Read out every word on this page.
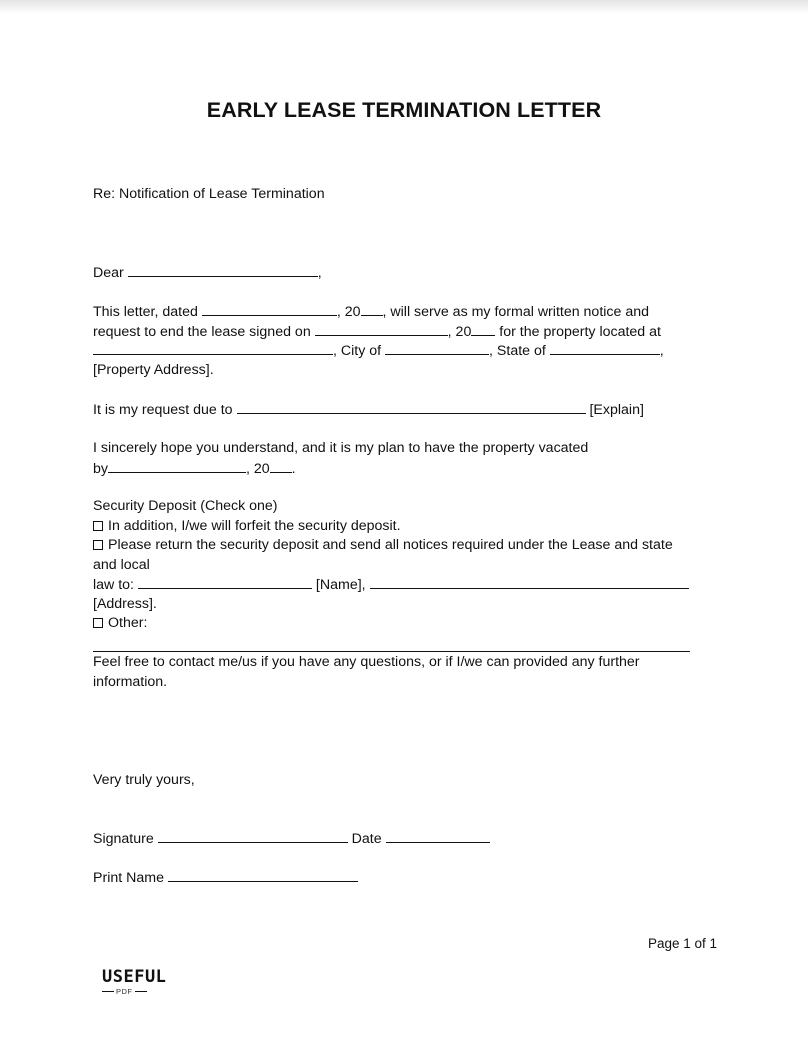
EARLY LEASE TERMINATION LETTER
Re: Notification of Lease Termination
Dear	,
This letter, dated	, 20 , will serve as my formal written notice and
request to end the lease signed on	, 20 for the property located at
, City of	, State of	,
[Property Address].
It is my request due to	[Explain]
I sincerely hope you understand, and it is my plan to have the property vacated
by	, 20 .
Security Deposit (Check one)
In addition, I/we will forfeit the security deposit.
Please return the security deposit and send all notices required under the Lease and state
and local
law to:	[Name],
[Address].
Other:
Feel free to contact me/us if you have any questions, or if I/we can provided any further
information.
Very truly yours,
Signature	Date
Print Name
Page 1 of 1
USEFUL
PDF
